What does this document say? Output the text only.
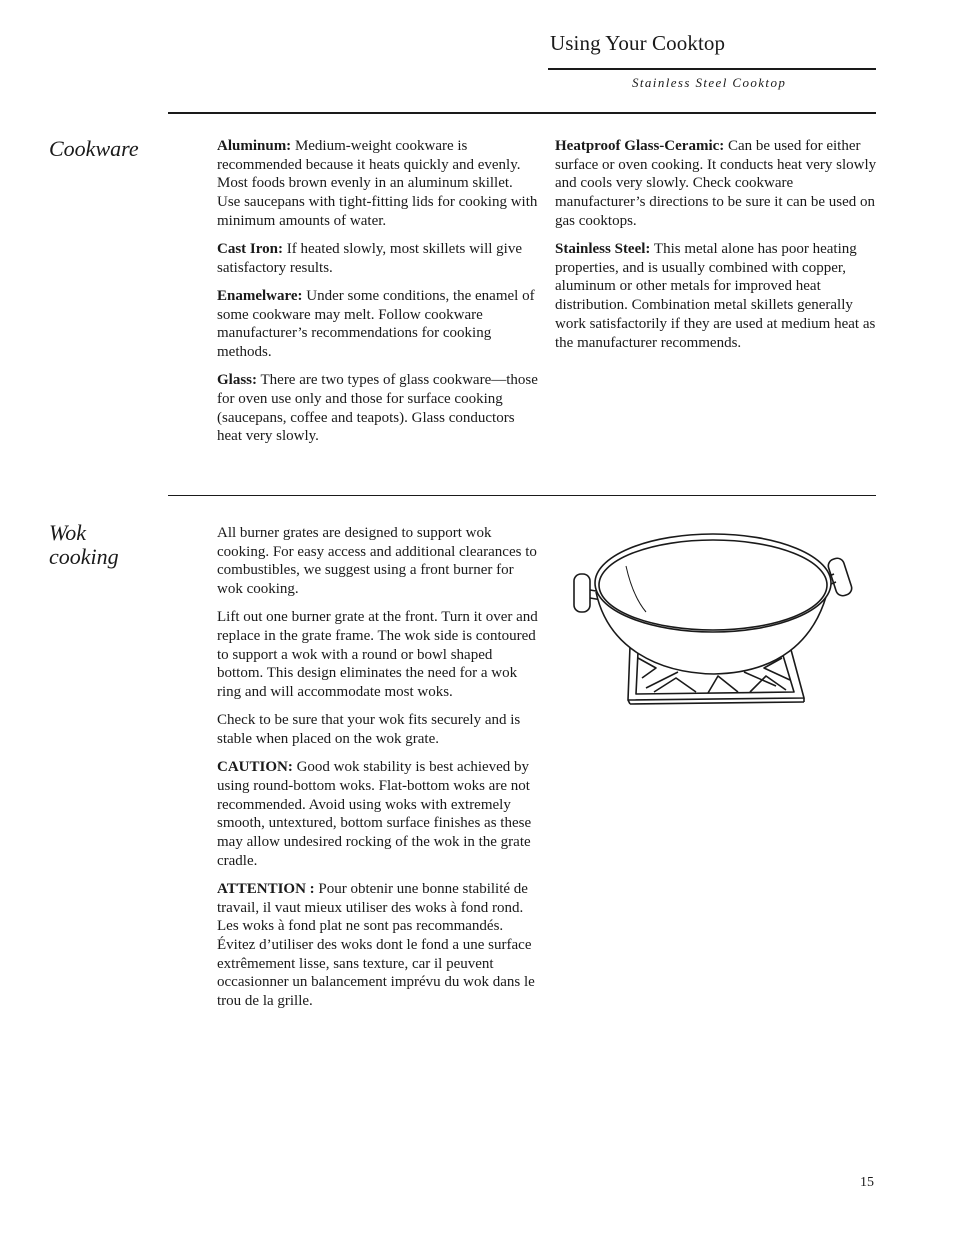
Using Your Cooktop
Stainless Steel Cooktop
Cookware	Aluminum: Medium-weight cookware is recommended because it heats quickly and evenly. Most foods brown evenly in an aluminum skillet. Use saucepans with tight-fitting lids for cooking with minimum amounts of water.

Cast Iron: If heated slowly, most skillets will give satisfactory results.

Enamelware: Under some conditions, the enamel of some cookware may melt. Follow cookware manufacturer’s recommendations for cooking methods.

Glass: There are two types of glass cookware—those for oven use only and those for surface cooking (saucepans, coffee and teapots). Glass conductors heat very slowly.

Heatproof Glass-Ceramic: Can be used for either surface or oven cooking. It conducts heat very slowly and cools very slowly. Check cookware manufacturer’s directions to be sure it can be used on gas cooktops.

Stainless Steel: This metal alone has poor heating properties, and is usually combined with copper, aluminum or other metals for improved heat distribution. Combination metal skillets generally work satisfactorily if they are used at medium heat as the manufacturer recommends.

Wok
cooking

All burner grates are designed to support wok cooking. For easy access and additional clearances to combustibles, we suggest using a front burner for wok cooking.

Lift out one burner grate at the front. Turn it over and replace in the grate frame. The wok side is contoured to support a wok with a round or bowl shaped bottom. This design eliminates the need for a wok ring and will accommodate most woks.

Check to be sure that your wok fits securely and is stable when placed on the wok grate.

CAUTION: Good wok stability is best achieved by using round-bottom woks. Flat-bottom woks are not recommended. Avoid using woks with extremely smooth, untextured, bottom surface finishes as these may allow undesired rocking of the wok in the grate cradle.

ATTENTION : Pour obtenir une bonne stabilité de travail, il vaut mieux utiliser des woks à fond rond. Les woks à fond plat ne sont pas recommandés. Évitez d’utiliser des woks dont le fond a une surface extrêmement lisse, sans texture, car il peuvent occasionner un balancement imprévu du wok dans le trou de la grille.

15
